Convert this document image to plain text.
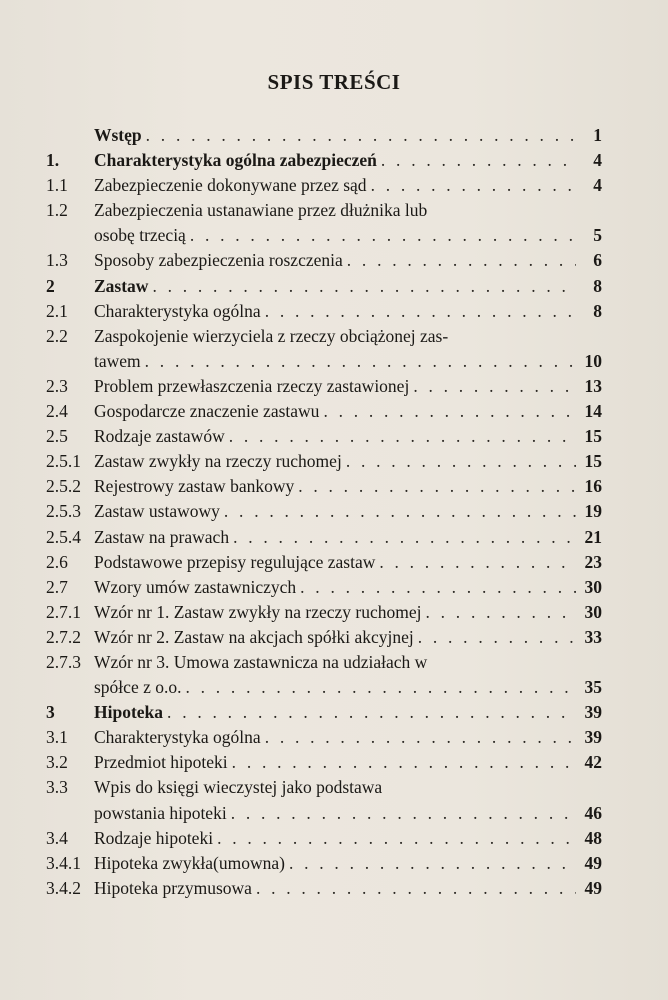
SPIS TREŚCI
Wstęp . . .	1
1. Charakterystyka ogólna zabezpieczeń . . .	4
1.1 Zabezpieczenie dokonywane przez sąd . . .	4
1.2 Zabezpieczenia ustanawiane przez dłużnika lub
osobę trzecią . . .	5
1.3 Sposoby zabezpieczenia roszczenia . . .	6
2 Zastaw . . .	8
2.1 Charakterystyka ogólna . . .	8
2.2 Zaspokojenie wierzyciela z rzeczy obciążonej zas-
tawem . . .	10
2.3 Problem przewłaszczenia rzeczy zastawionej . . .	13
2.4 Gospodarcze znaczenie zastawu . . .	14
2.5 Rodzaje zastawów . . .	15
2.5.1 Zastaw zwykły na rzeczy ruchomej . . .	15
2.5.2 Rejestrowy zastaw bankowy . . .	16
2.5.3 Zastaw ustawowy . . .	19
2.5.4 Zastaw na prawach . . .	21
2.6 Podstawowe przepisy regulujące zastaw . . .	23
2.7 Wzory umów zastawniczych . . .	30
2.7.1 Wzór nr 1. Zastaw zwykły na rzeczy ruchomej . . .	30
2.7.2 Wzór nr 2. Zastaw na akcjach spółki akcyjnej . . .	33
2.7.3 Wzór nr 3. Umowa zastawnicza na udziałach w
spółce z o.o. . . .	35
3 Hipoteka . . .	39
3.1 Charakterystyka ogólna . . .	39
3.2 Przedmiot hipoteki . . .	42
3.3 Wpis do księgi wieczystej jako podstawa
powstania hipoteki . . .	46
3.4 Rodzaje hipoteki . . .	48
3.4.1 Hipoteka zwykła(umowna) . . .	49
3.4.2 Hipoteka przymusowa . . .	49
